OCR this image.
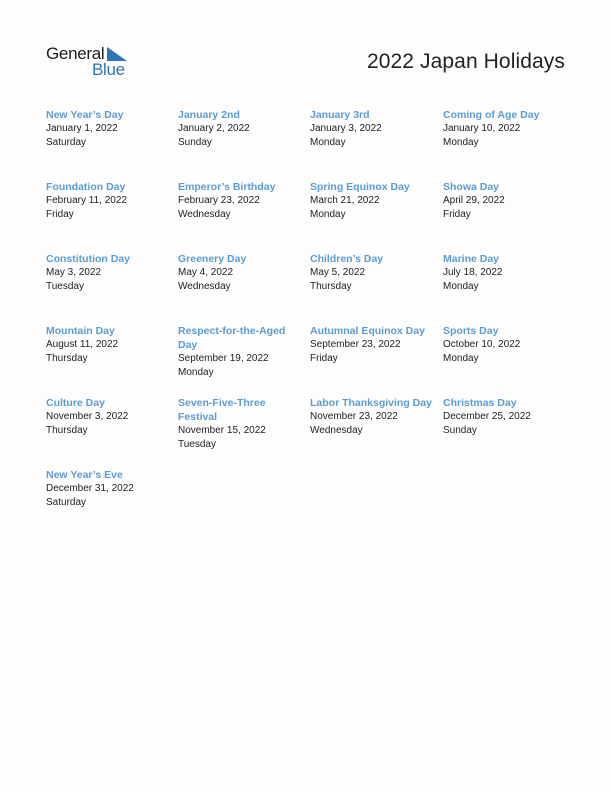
General
Blue	2022 Japan Holidays
New Year’s Day
January 1, 2022
Saturday
January 2nd
January 2, 2022
Sunday
January 3rd
January 3, 2022
Monday
Coming of Age Day
January 10, 2022
Monday
Foundation Day
February 11, 2022
Friday
Emperor’s Birthday
February 23, 2022
Wednesday
Spring Equinox Day
March 21, 2022
Monday
Showa Day
April 29, 2022
Friday
Constitution Day
May 3, 2022
Tuesday
Greenery Day
May 4, 2022
Wednesday
Children’s Day
May 5, 2022
Thursday
Marine Day
July 18, 2022
Monday
Mountain Day
August 11, 2022
Thursday
Respect-for-the-Aged Day
September 19, 2022
Monday
Autumnal Equinox Day
September 23, 2022
Friday
Sports Day
October 10, 2022
Monday
Culture Day
November 3, 2022
Thursday
Seven-Five-Three Festival
November 15, 2022
Tuesday
Labor Thanksgiving Day
November 23, 2022
Wednesday
Christmas Day
December 25, 2022
Sunday
New Year’s Eve
December 31, 2022
Saturday
